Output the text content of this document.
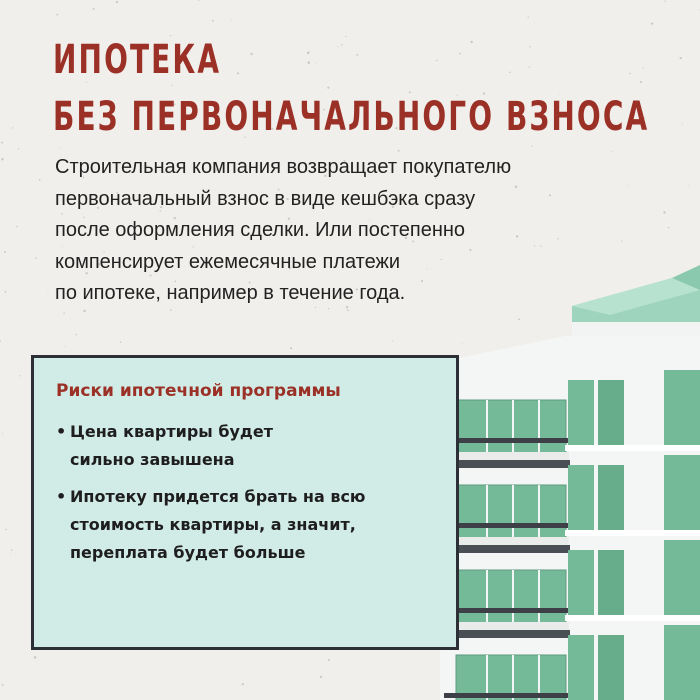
ИПОТЕКА
БЕЗ ПЕРВОНАЧАЛЬНОГО ВЗНОСА
Строительная компания возвращает покупателю
первоначальный взнос в виде кешбэка сразу
после оформления сделки. Или постепенно
компенсирует ежемесячные платежи
по ипотеке, например в течение года.
Риски ипотечной программы
• Цена квартиры будет
сильно завышена
• Ипотеку придется брать на всю
стоимость квартиры, а значит,
переплата будет больше
